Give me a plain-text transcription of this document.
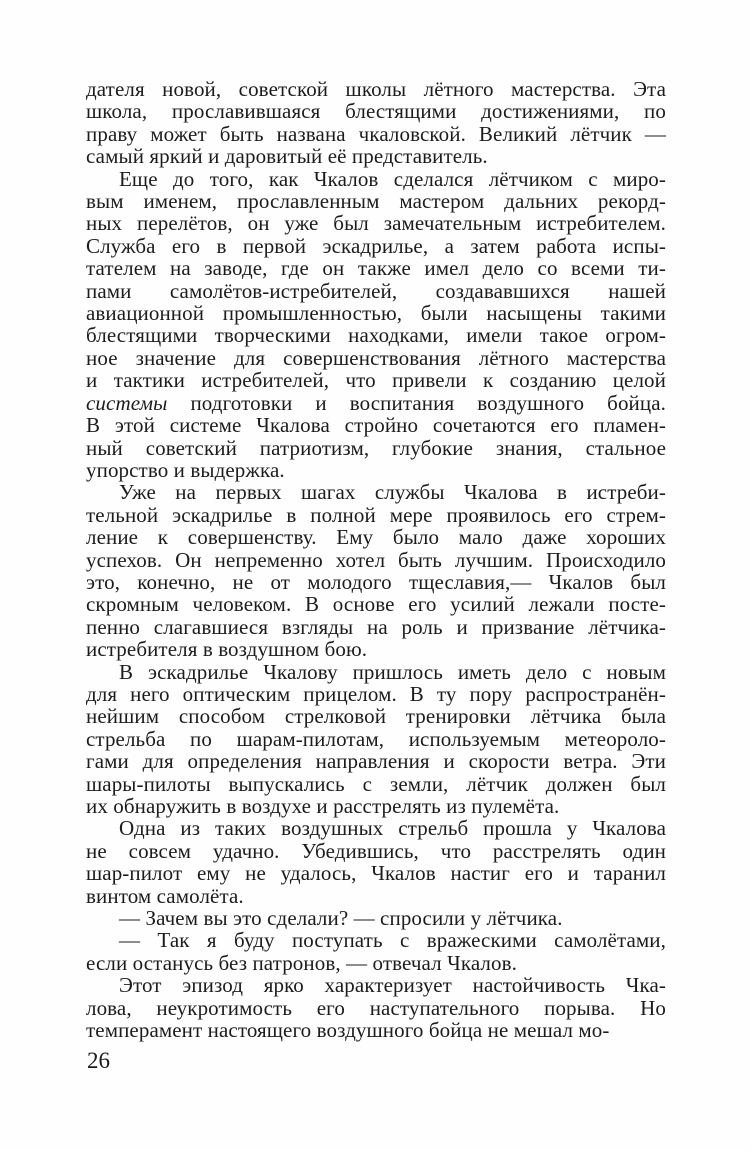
дателя новой, советской школы лётного мастерства. Эта
школа, прославившаяся блестящими достижениями, по
праву может быть названа чкаловской. Великий лётчик —
самый яркий и даровитый её представитель.
Еще до того, как Чкалов сделался лётчиком с миро-
вым именем, прославленным мастером дальних рекорд-
ных перелётов, он уже был замечательным истребителем.
Служба его в первой эскадрилье, а затем работа испы-
тателем на заводе, где он также имел дело со всеми ти-
пами самолётов-истребителей, создававшихся нашей
авиационной промышленностью, были насыщены такими
блестящими творческими находками, имели такое огром-
ное значение для совершенствования лётного мастерства
и тактики истребителей, что привели к созданию целой
системы подготовки и воспитания воздушного бойца.
В этой системе Чкалова стройно сочетаются его пламен-
ный советский патриотизм, глубокие знания, стальное
упорство и выдержка.
Уже на первых шагах службы Чкалова в истреби-
тельной эскадрилье в полной мере проявилось его стрем-
ление к совершенству. Ему было мало даже хороших
успехов. Он непременно хотел быть лучшим. Происходило
это, конечно, не от молодого тщеславия,— Чкалов был
скромным человеком. В основе его усилий лежали посте-
пенно слагавшиеся взгляды на роль и призвание лётчика-
истребителя в воздушном бою.
В эскадрилье Чкалову пришлось иметь дело с новым
для него оптическим прицелом. В ту пору распространён-
нейшим способом стрелковой тренировки лётчика была
стрельба по шарам-пилотам, используемым метеороло-
гами для определения направления и скорости ветра. Эти
шары-пилоты выпускались с земли, лётчик должен был
их обнаружить в воздухе и расстрелять из пулемёта.
Одна из таких воздушных стрельб прошла у Чкалова
не совсем удачно. Убедившись, что расстрелять один
шар-пилот ему не удалось, Чкалов настиг его и таранил
винтом самолёта.
— Зачем вы это сделали? — спросили у лётчика.
— Так я буду поступать с вражескими самолётами,
если останусь без патронов, — отвечал Чкалов.
Этот эпизод ярко характеризует настойчивость Чка-
лова, неукротимость его наступательного порыва. Но
темперамент настоящего воздушного бойца не мешал мо-
26
